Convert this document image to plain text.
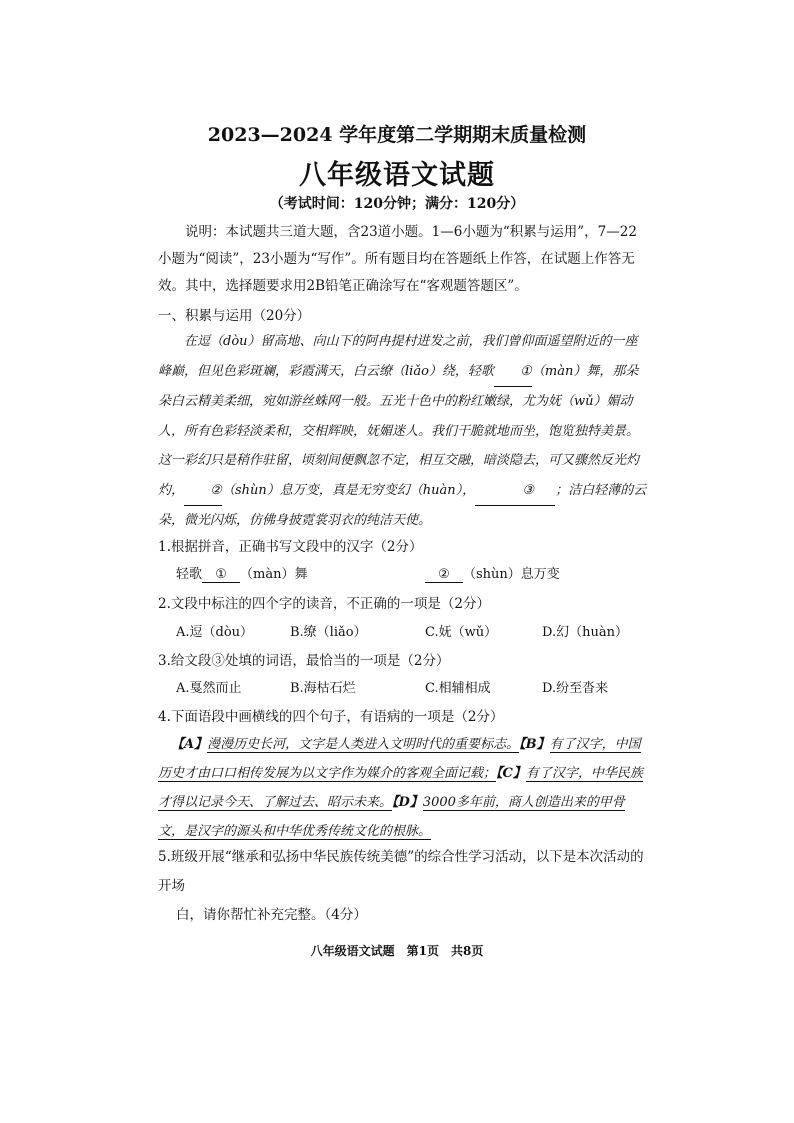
2023—2024 学年度第二学期期末质量检测
八年级语文试题
（考试时间：120分钟；满分：120分）
说明：本试题共三道大题，含23道小题。1—6小题为“积累与运用”，7—22小题为“阅读”，23小题为“写作”。所有题目均在答题纸上作答，在试题上作答无效。其中，选择题要求用2B铅笔正确涂写在“客观题答题区”。
一、积累与运用（20分）
在逗（dòu）留高地、向山下的阿冉提村进发之前，我们曾仰面遥望附近的一座峰巅，但见色彩斑斓，彩霞满天，白云缭（liǎo）绕，轻歌 ①（màn）舞，那朵朵白云精美柔细，宛如游丝蛛网一般。五光十色中的粉红嫩绿，尤为妩（wǔ）媚动人，所有色彩轻淡柔和，交相辉映，妩媚迷人。我们干脆就地而坐，饱览独特美景。这一彩幻只是稍作驻留，顷刻间便飘忽不定，相互交融，暗淡隐去，可又骤然反光灼灼， ②（shùn）息万变，真是无穷变幻（huàn），	③ ；洁白轻薄的云朵，微光闪烁，仿佛身披霓裳羽衣的纯洁天使。
1.根据拼音，正确书写文段中的汉字（2分）
轻歌 ① （màn）舞	② （shùn）息万变
2.文段中标注的四个字的读音，不正确的一项是（2分）
A.逗（dòu）	B.缭（liǎo）	C.妩（wǔ）	D.幻（huàn）
3.给文段③处填的词语，最恰当的一项是（2分）
A.戛然而止	B.海枯石烂	C.相辅相成	D.纷至沓来
4.下面语段中画横线的四个句子，有语病的一项是（2分）
【A】漫漫历史长河，文字是人类进入文明时代的重要标志。【B】有了汉字，中国历史才由口口相传发展为以文字作为媒介的客观全面记载；【C】有了汉字，中华民族才得以记录今天、了解过去、昭示未来。【D】3000多年前，商人创造出来的甲骨文，是汉字的源头和中华优秀传统文化的根脉。
5.班级开展“继承和弘扬中华民族传统美德”的综合性学习活动，以下是本次活动的开场
白，请你帮忙补充完整。（4分）
八年级语文试题　第1页　共8页
